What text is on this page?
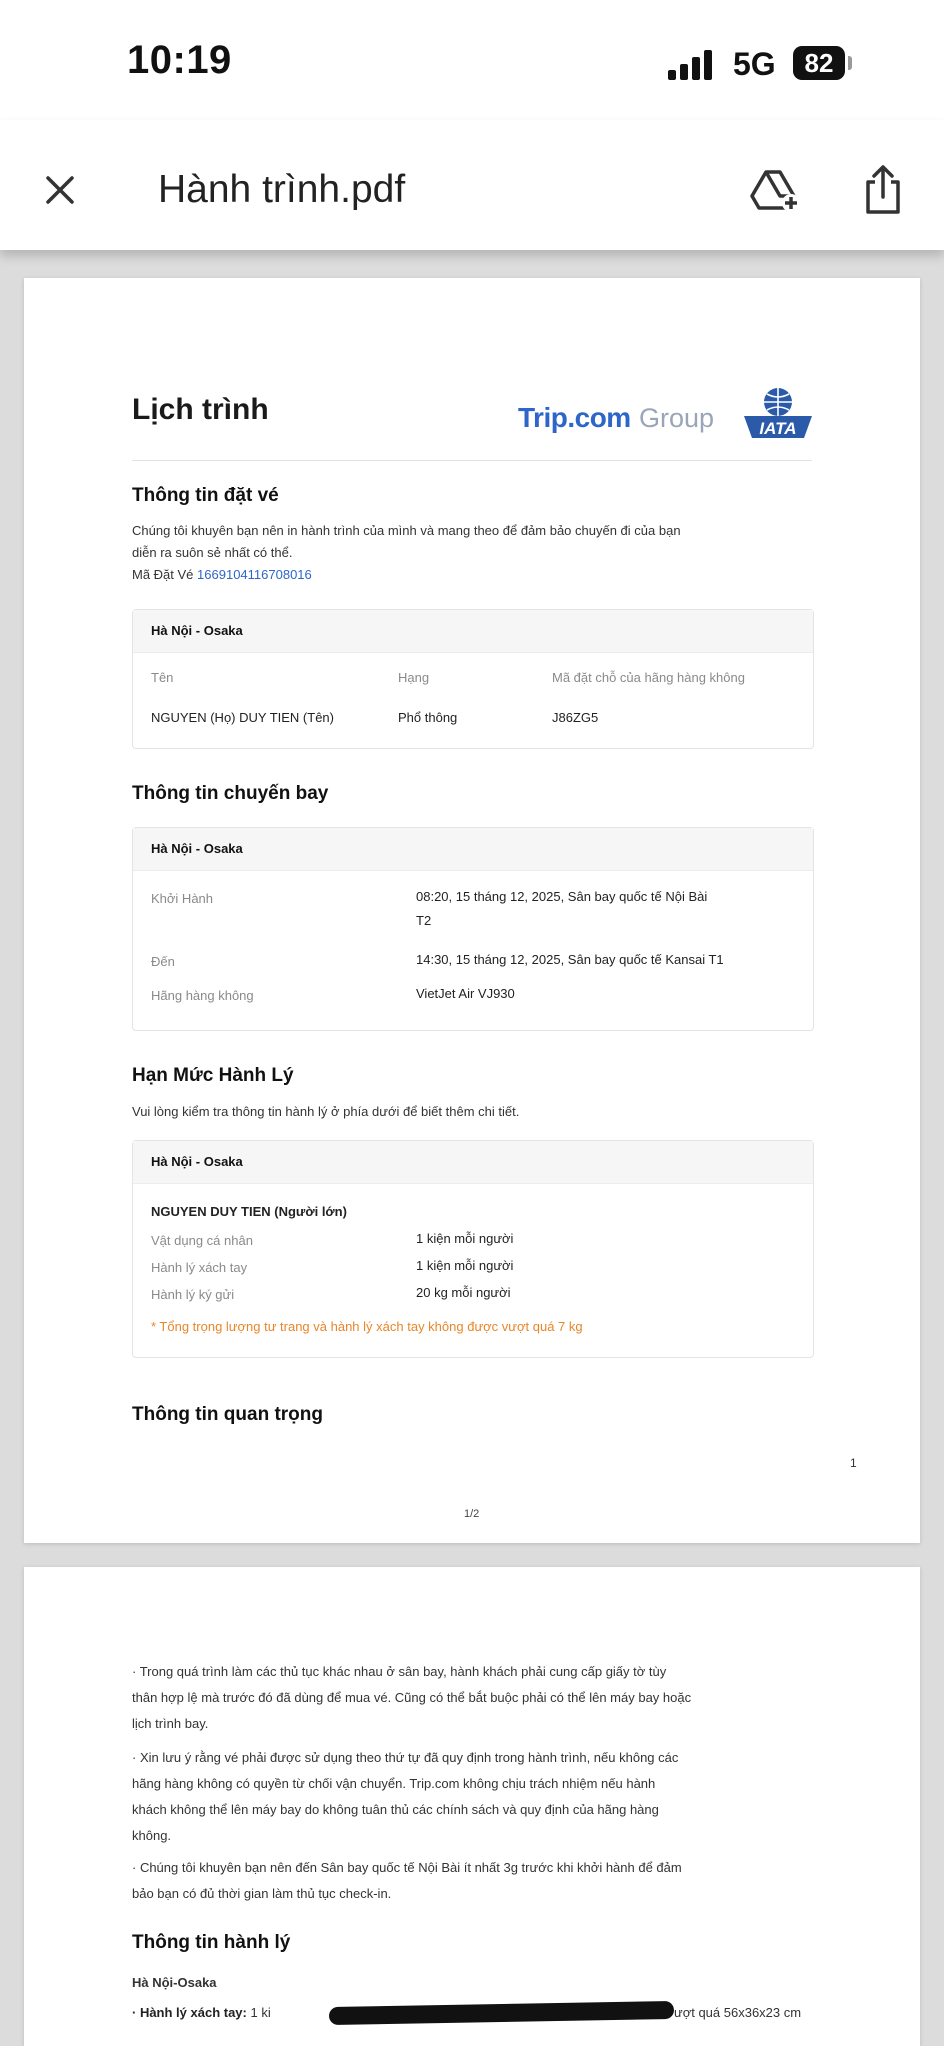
10:19	5G	82
Hành trình.pdf
Lịch trình	Trip.com Group	IATA
Thông tin đặt vé
Chúng tôi khuyên bạn nên in hành trình của mình và mang theo để đảm bảo chuyến đi của bạn
diễn ra suôn sẻ nhất có thể.
Mã Đặt Vé 1669104116708016
Hà Nội - Osaka
Tên	Hạng	Mã đặt chỗ của hãng hàng không
NGUYEN (Họ) DUY TIEN (Tên)	Phổ thông	J86ZG5
Thông tin chuyến bay
Hà Nội - Osaka
Khởi Hành	08:20, 15 tháng 12, 2025, Sân bay quốc tế Nội Bài
T2
Đến	14:30, 15 tháng 12, 2025, Sân bay quốc tế Kansai T1
Hãng hàng không	VietJet Air VJ930
Hạn Mức Hành Lý
Vui lòng kiểm tra thông tin hành lý ở phía dưới để biết thêm chi tiết.
Hà Nội - Osaka
NGUYEN DUY TIEN (Người lớn)
Vật dụng cá nhân	1 kiện mỗi người
Hành lý xách tay	1 kiện mỗi người
Hành lý ký gửi	20 kg mỗi người
* Tổng trọng lượng tư trang và hành lý xách tay không được vượt quá 7 kg
Thông tin quan trọng
1
1/2
· Trong quá trình làm các thủ tục khác nhau ở sân bay, hành khách phải cung cấp giấy tờ tùy
thân hợp lệ mà trước đó đã dùng để mua vé. Cũng có thể bắt buộc phải có thể lên máy bay hoặc
lịch trình bay.
· Xin lưu ý rằng vé phải được sử dụng theo thứ tự đã quy định trong hành trình, nếu không các
hãng hàng không có quyền từ chối vận chuyển. Trip.com không chịu trách nhiệm nếu hành
khách không thể lên máy bay do không tuân thủ các chính sách và quy định của hãng hàng
không.
· Chúng tôi khuyên bạn nên đến Sân bay quốc tế Nội Bài ít nhất 3g trước khi khởi hành để đảm
bảo bạn có đủ thời gian làm thủ tục check-in.
Thông tin hành lý
Hà Nội-Osaka
· Hành lý xách tay: 1 ki	ượt quá 56x36x23 cm
